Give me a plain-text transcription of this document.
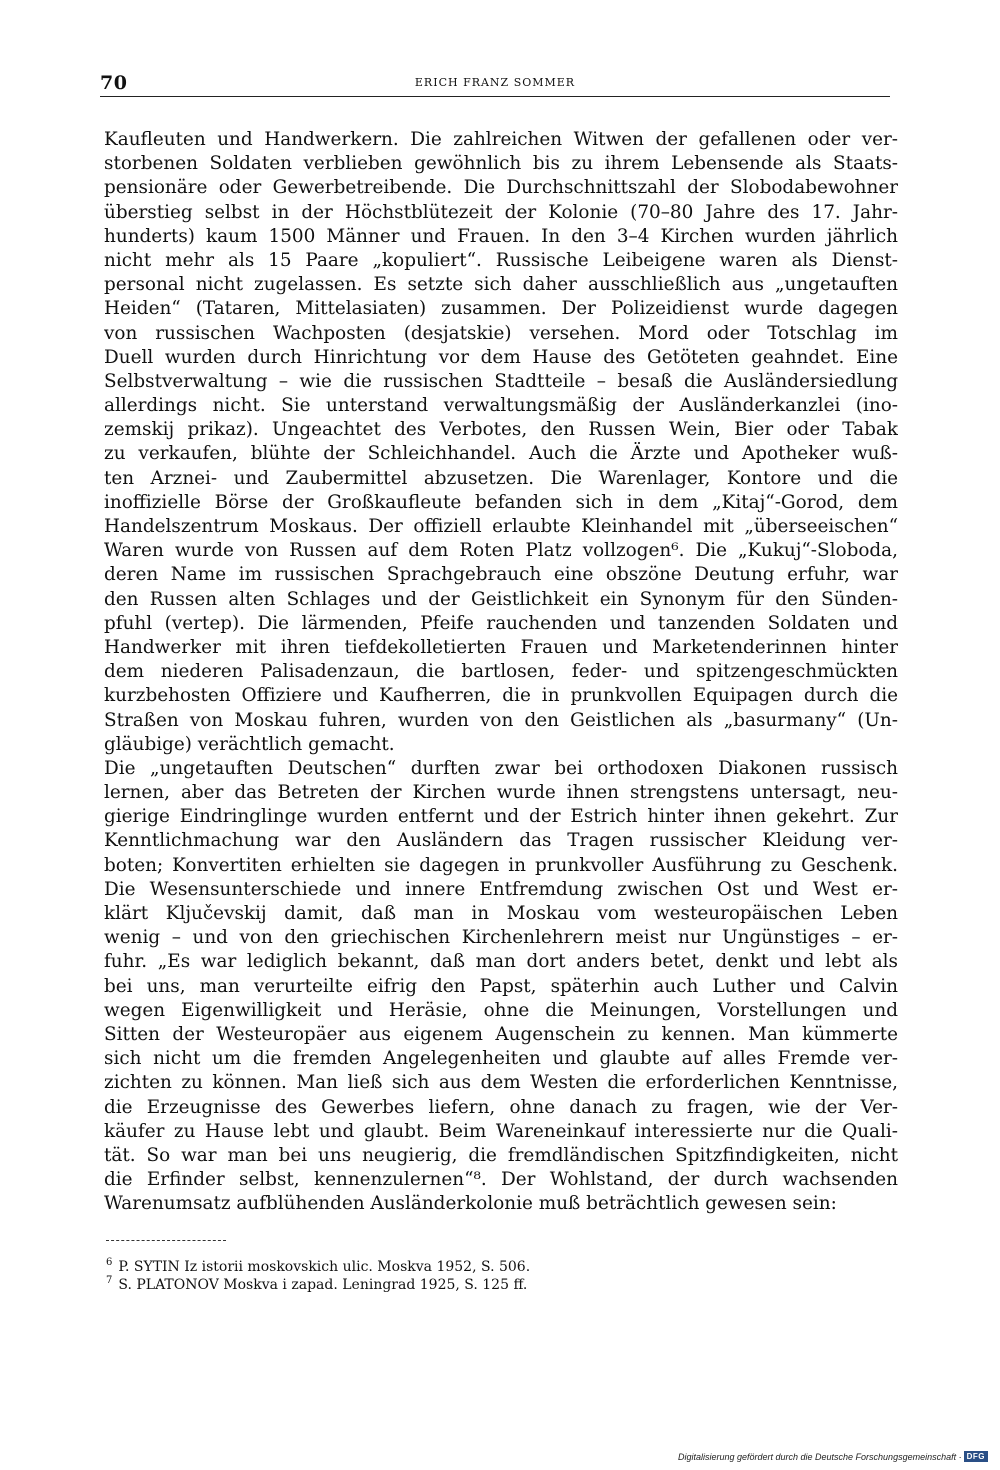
70	ERICH FRANZ SOMMER
Kaufleuten und Handwerkern. Die zahlreichen Witwen der gefallenen oder ver-
storbenen Soldaten verblieben gewöhnlich bis zu ihrem Lebensende als Staats-
pensionäre oder Gewerbetreibende. Die Durchschnittszahl der Slobodabewohner
überstieg selbst in der Höchstblütezeit der Kolonie (70–80 Jahre des 17. Jahr-
hunderts) kaum 1500 Männer und Frauen. In den 3–4 Kirchen wurden jährlich
nicht mehr als 15 Paare „kopuliert“. Russische Leibeigene waren als Dienst-
personal nicht zugelassen. Es setzte sich daher ausschließlich aus „ungetauften
Heiden“ (Tataren, Mittelasiaten) zusammen. Der Polizeidienst wurde dagegen
von russischen Wachposten (desjatskie) versehen. Mord oder Totschlag im
Duell wurden durch Hinrichtung vor dem Hause des Getöteten geahndet. Eine
Selbstverwaltung – wie die russischen Stadtteile – besaß die Ausländersiedlung
allerdings nicht. Sie unterstand verwaltungsmäßig der Ausländerkanzlei (ino-
zemskij prikaz). Ungeachtet des Verbotes, den Russen Wein, Bier oder Tabak
zu verkaufen, blühte der Schleichhandel. Auch die Ärzte und Apotheker wuß-
ten Arznei- und Zaubermittel abzusetzen. Die Warenlager, Kontore und die
inoffizielle Börse der Großkaufleute befanden sich in dem „Kitaj“-Gorod, dem
Handelszentrum Moskaus. Der offiziell erlaubte Kleinhandel mit „überseeischen“
Waren wurde von Russen auf dem Roten Platz vollzogen⁶. Die „Kukuj“-Sloboda,
deren Name im russischen Sprachgebrauch eine obszöne Deutung erfuhr, war
den Russen alten Schlages und der Geistlichkeit ein Synonym für den Sünden-
pfuhl (vertep). Die lärmenden, Pfeife rauchenden und tanzenden Soldaten und
Handwerker mit ihren tiefdekolletierten Frauen und Marketenderinnen hinter
dem niederen Palisadenzaun, die bartlosen, feder- und spitzengeschmückten
kurzbehosten Offiziere und Kaufherren, die in prunkvollen Equipagen durch die
Straßen von Moskau fuhren, wurden von den Geistlichen als „basurmany“ (Un-
gläubige) verächtlich gemacht.
Die „ungetauften Deutschen“ durften zwar bei orthodoxen Diakonen russisch
lernen, aber das Betreten der Kirchen wurde ihnen strengstens untersagt, neu-
gierige Eindringlinge wurden entfernt und der Estrich hinter ihnen gekehrt. Zur
Kenntlichmachung war den Ausländern das Tragen russischer Kleidung ver-
boten; Konvertiten erhielten sie dagegen in prunkvoller Ausführung zu Geschenk.
Die Wesensunterschiede und innere Entfremdung zwischen Ost und West er-
klärt Ključevskij damit, daß man in Moskau vom westeuropäischen Leben
wenig – und von den griechischen Kirchenlehrern meist nur Ungünstiges – er-
fuhr. „Es war lediglich bekannt, daß man dort anders betet, denkt und lebt als
bei uns, man verurteilte eifrig den Papst, späterhin auch Luther und Calvin
wegen Eigenwilligkeit und Heräsie, ohne die Meinungen, Vorstellungen und
Sitten der Westeuropäer aus eigenem Augenschein zu kennen. Man kümmerte
sich nicht um die fremden Angelegenheiten und glaubte auf alles Fremde ver-
zichten zu können. Man ließ sich aus dem Westen die erforderlichen Kenntnisse,
die Erzeugnisse des Gewerbes liefern, ohne danach zu fragen, wie der Ver-
käufer zu Hause lebt und glaubt. Beim Wareneinkauf interessierte nur die Quali-
tät. So war man bei uns neugierig, die fremdländischen Spitzfindigkeiten, nicht
die Erfinder selbst, kennenzulernen“⁸. Der Wohlstand, der durch wachsenden
Warenumsatz aufblühenden Ausländerkolonie muß beträchtlich gewesen sein:
$^6$ P. SYTIN Iz istorii moskovskich ulic. Moskva 1952, S. 506.
$^7$ S. PLATONOV Moskva i zapad. Leningrad 1925, S. 125 ff.
Digitalisierung gefördert durch die Deutsche Forschungsgemeinschaft · DFG
